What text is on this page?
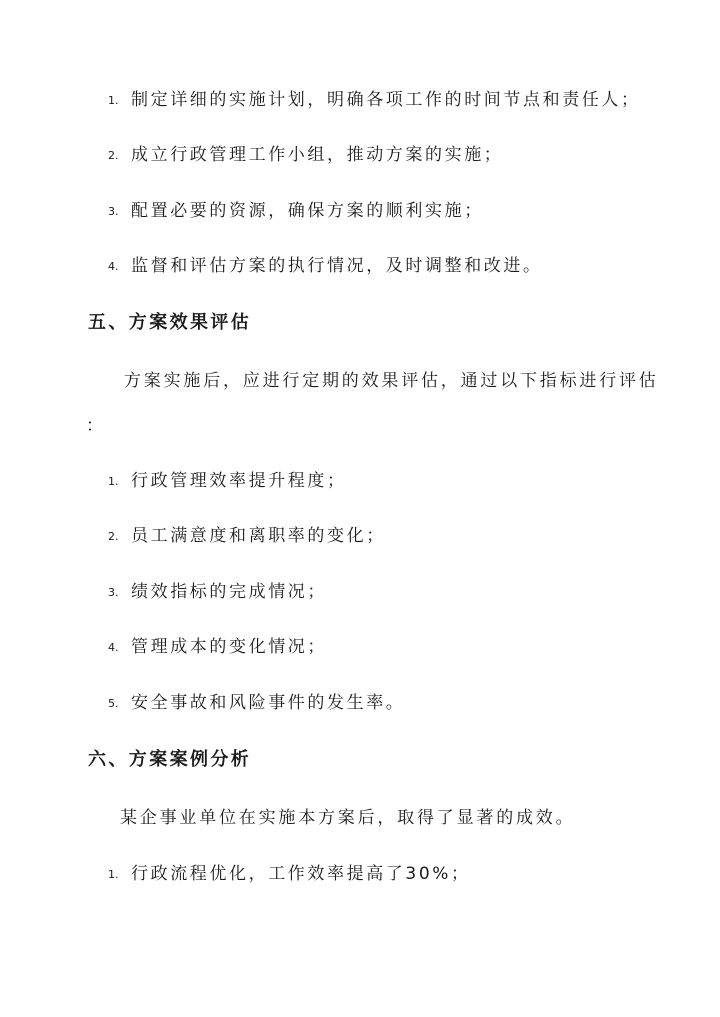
1. 制定详细的实施计划，明确各项工作的时间节点和责任人；
2. 成立行政管理工作小组，推动方案的实施；
3. 配置必要的资源，确保方案的顺利实施；
4. 监督和评估方案的执行情况，及时调整和改进。
五、方案效果评估
方案实施后，应进行定期的效果评估，通过以下指标进行评估
：
1. 行政管理效率提升程度；
2. 员工满意度和离职率的变化；
3. 绩效指标的完成情况；
4. 管理成本的变化情况；
5. 安全事故和风险事件的发生率。
六、方案案例分析
某企事业单位在实施本方案后，取得了显著的成效。
1. 行政流程优化，工作效率提高了30%；
